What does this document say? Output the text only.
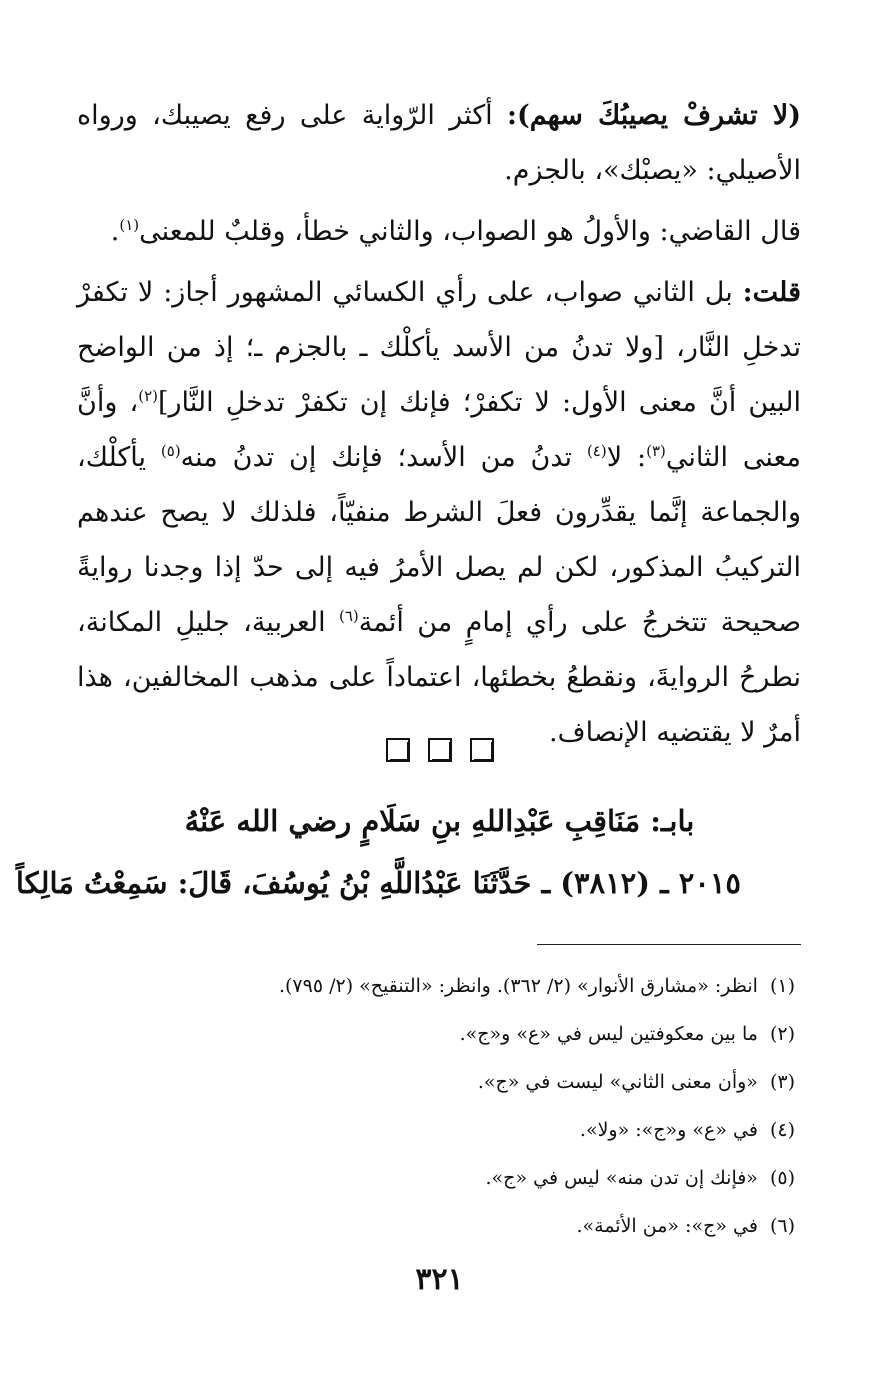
(لا تشرفْ يصيبُكَ سهم): أكثر الرّواية على رفع يصيبك، ورواه الأصيلي: «يصبْك»، بالجزم.

قال القاضي: والأولُ هو الصواب، والثاني خطأ، وقلبٌ للمعنى$^{(١)}$.

قلت: بل الثاني صواب، على رأي الكسائي المشهور أجاز: لا تكفرْ تدخلِ النَّار، [ولا تدنُ من الأسد يأكلْك ـ بالجزم ـ؛ إذ من الواضح البين أنَّ معنى الأول: لا تكفرْ؛ فإنك إن تكفرْ تدخلِ النَّار]$^{(٢)}$، وأنَّ معنى الثاني$^{(٣)}$: لا$^{(٤)}$ تدنُ من الأسد؛ فإنك إن تدنُ منه$^{(٥)}$ يأكلْك، والجماعة إنَّما يقدِّرون فعلَ الشرط منفيّاً، فلذلك لا يصح عندهم التركيبُ المذكور، لكن لم يصل الأمرُ فيه إلى حدّ إذا وجدنا روايةً صحيحة تتخرجُ على رأي إمامٍ من أئمة$^{(٦)}$ العربية، جليلِ المكانة، نطرحُ الروايةَ، ونقطعُ بخطئها، اعتماداً على مذهب المخالفين، هذا أمرٌ لا يقتضيه الإنصاف.

بابـ: مَنَاقِبِ عَبْدِاللهِ بنِ سَلَامٍ رضي الله عَنْهُ
٢٠١٥ ـ (٣٨١٢) ـ حَدَّثَنَا عَبْدُاللَّهِ بْنُ يُوسُفَ، قَالَ: سَمِعْتُ مَالِكاً
(١)انظر: «مشارق الأنوار» (٢/ ٣٦٢). وانظر: «التنقيح» (٢/ ٧٩٥).
(٢)ما بين معكوفتين ليس في «ع» و«ج».
(٣)«وأن معنى الثاني» ليست في «ج».
(٤)في «ع» و«ج»: «ولا».
(٥)«فإنك إن تدن منه» ليس في «ج».
(٦)في «ج»: «من الأئمة».
٣٢١
